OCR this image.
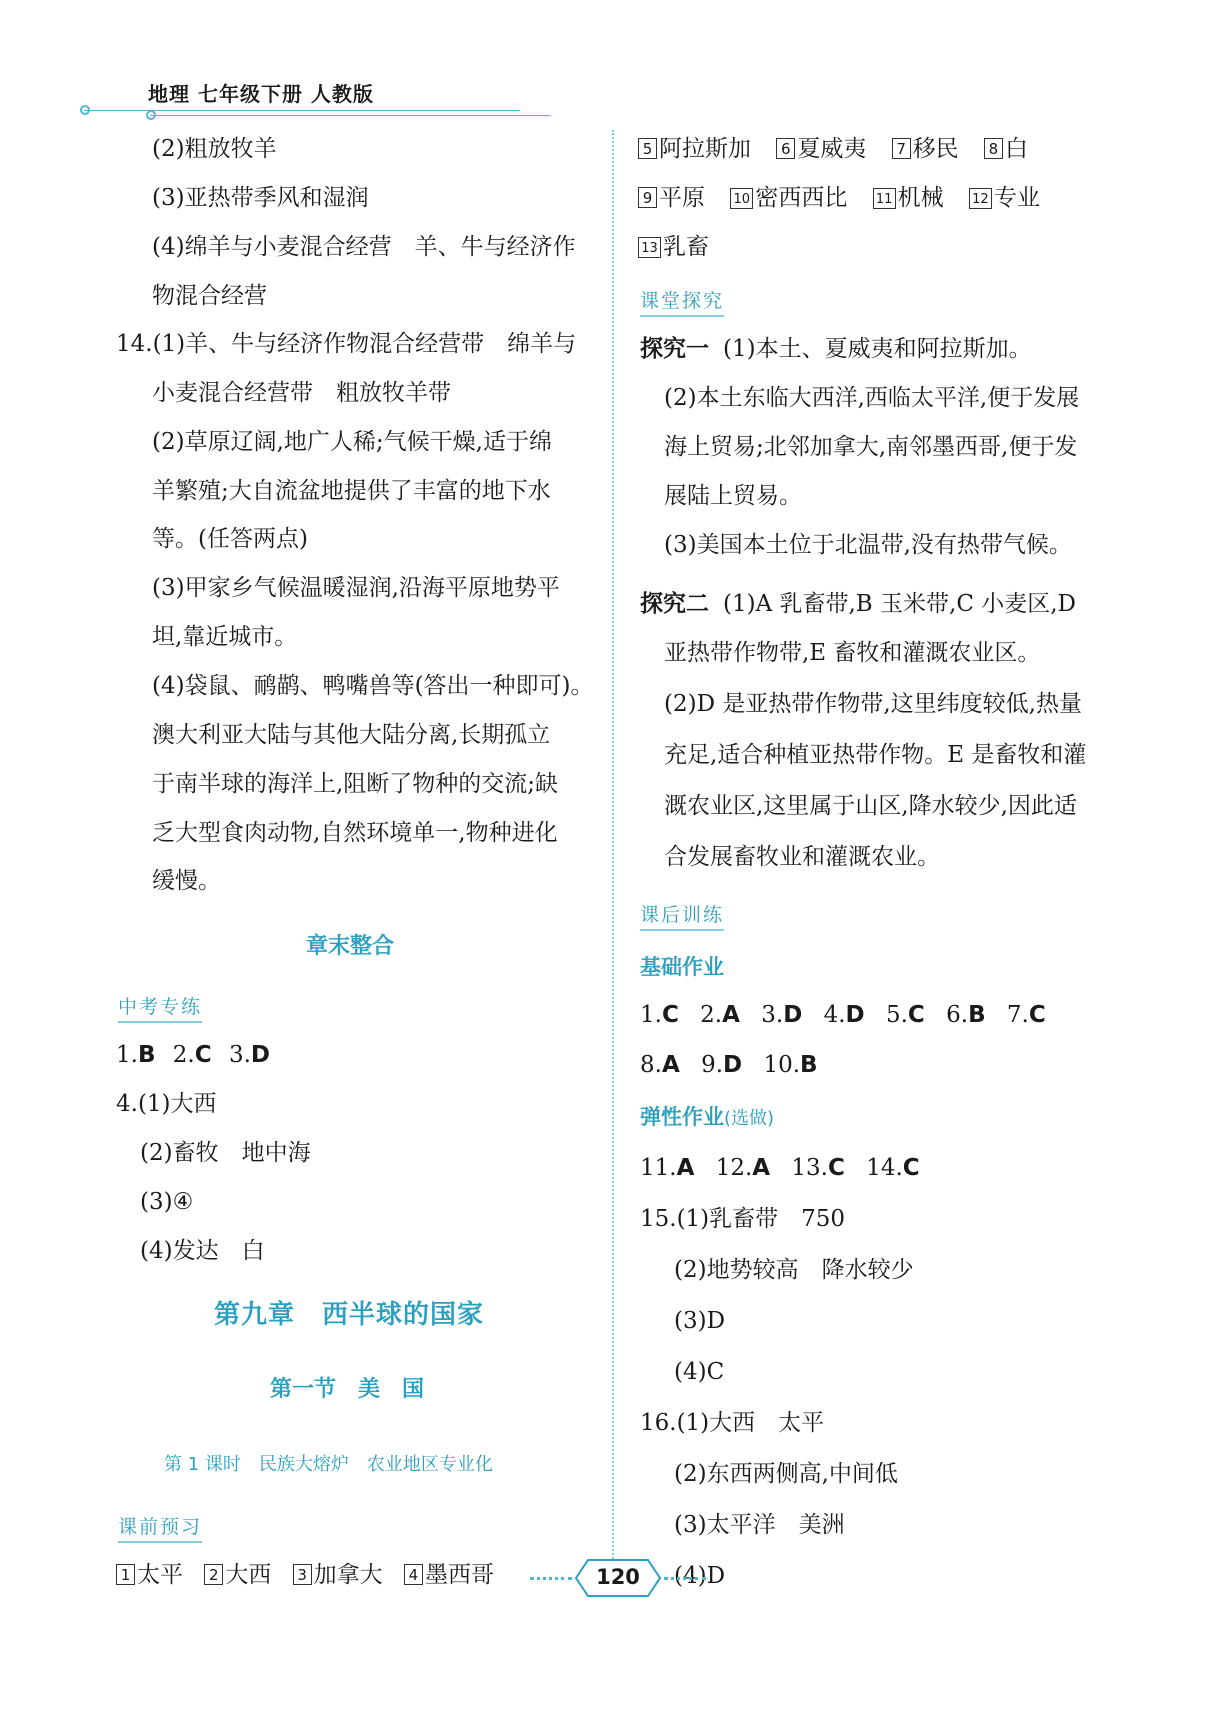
地理 七年级下册 人教版
(2)粗放牧羊
(3)亚热带季风和湿润
(4)绵羊与小麦混合经营　羊、牛与经济作
物混合经营
14.(1)羊、牛与经济作物混合经营带　绵羊与
小麦混合经营带　粗放牧羊带
(2)草原辽阔,地广人稀;气候干燥,适于绵
羊繁殖;大自流盆地提供了丰富的地下水
等。(任答两点)
(3)甲家乡气候温暖湿润,沿海平原地势平
坦,靠近城市。
(4)袋鼠、鸸鹋、鸭嘴兽等(答出一种即可)。
澳大利亚大陆与其他大陆分离,长期孤立
于南半球的海洋上,阻断了物种的交流;缺
乏大型食肉动物,自然环境单一,物种进化
缓慢。
章末整合
中考专练
1.B 2.C 3.D
4.(1)大西
(2)畜牧　地中海
(3)④
(4)发达　白
第九章　西半球的国家
第一节　美　国
第 1 课时　民族大熔炉　农业地区专业化
课前预习
1 太平 2 大西 3 加拿大 4 墨西哥
5 阿拉斯加 6 夏威夷 7 移民 8 白
9 平原 10 密西西比 11 机械 12 专业
13 乳畜
课堂探究
探究一 (1)本土、夏威夷和阿拉斯加。
(2)本土东临大西洋,西临太平洋,便于发展
海上贸易;北邻加拿大,南邻墨西哥,便于发
展陆上贸易。
(3)美国本土位于北温带,没有热带气候。
探究二 (1)A 乳畜带,B 玉米带,C 小麦区,D
亚热带作物带,E 畜牧和灌溉农业区。
(2)D 是亚热带作物带,这里纬度较低,热量
充足,适合种植亚热带作物。E 是畜牧和灌
溉农业区,这里属于山区,降水较少,因此适
合发展畜牧业和灌溉农业。
课后训练
基础作业
1.C 2.A 3.D 4.D 5.C 6.B 7.C
8.A 9.D 10.B
弹性作业(选做)
11.A 12.A 13.C 14.C
15.(1)乳畜带　750
(2)地势较高　降水较少
(3)D
(4)C
16.(1)大西　太平
(2)东西两侧高,中间低
(3)太平洋　美洲
(4)D
120
